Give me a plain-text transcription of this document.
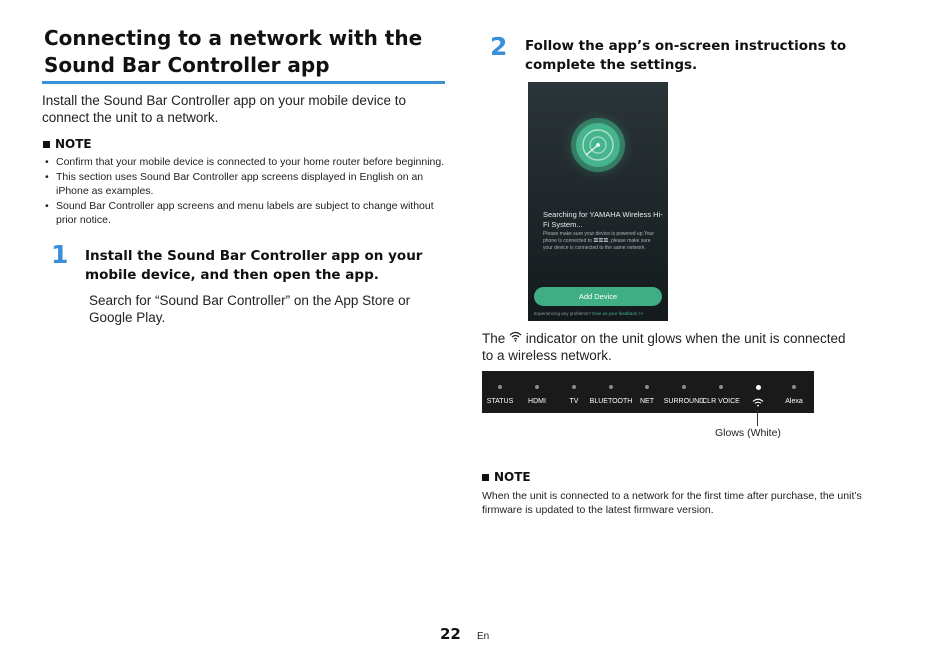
Connecting to a network with the Sound Bar Controller app
Install the Sound Bar Controller app on your mobile device to connect the unit to a network.
NOTE
• Confirm that your mobile device is connected to your home router before beginning.
• This section uses Sound Bar Controller app screens displayed in English on an iPhone as examples.
• Sound Bar Controller app screens and menu labels are subject to change without prior notice.
1 Install the Sound Bar Controller app on your mobile device, and then open the app.
Search for “Sound Bar Controller” on the App Store or Google Play.
2 Follow the app’s on-screen instructions to complete the settings.
Searching for YAMAHA Wireless Hi-Fi System...
Please make sure your device is powered up.Your phone is connected to 〓〓〓, please make sure your device is connected to the same network
Add Device
Experiencing any problems? Give us your feedback >>
The indicator on the unit glows when the unit is connected to a wireless network.
STATUS	HDMI	TV	BLUETOOTH	NET	SURROUND
CLR VOICE	Alexa
Glows (White)
NOTE
When the unit is connected to a network for the first time after purchase, the unit’s firmware is updated to the latest firmware version.
22 En
